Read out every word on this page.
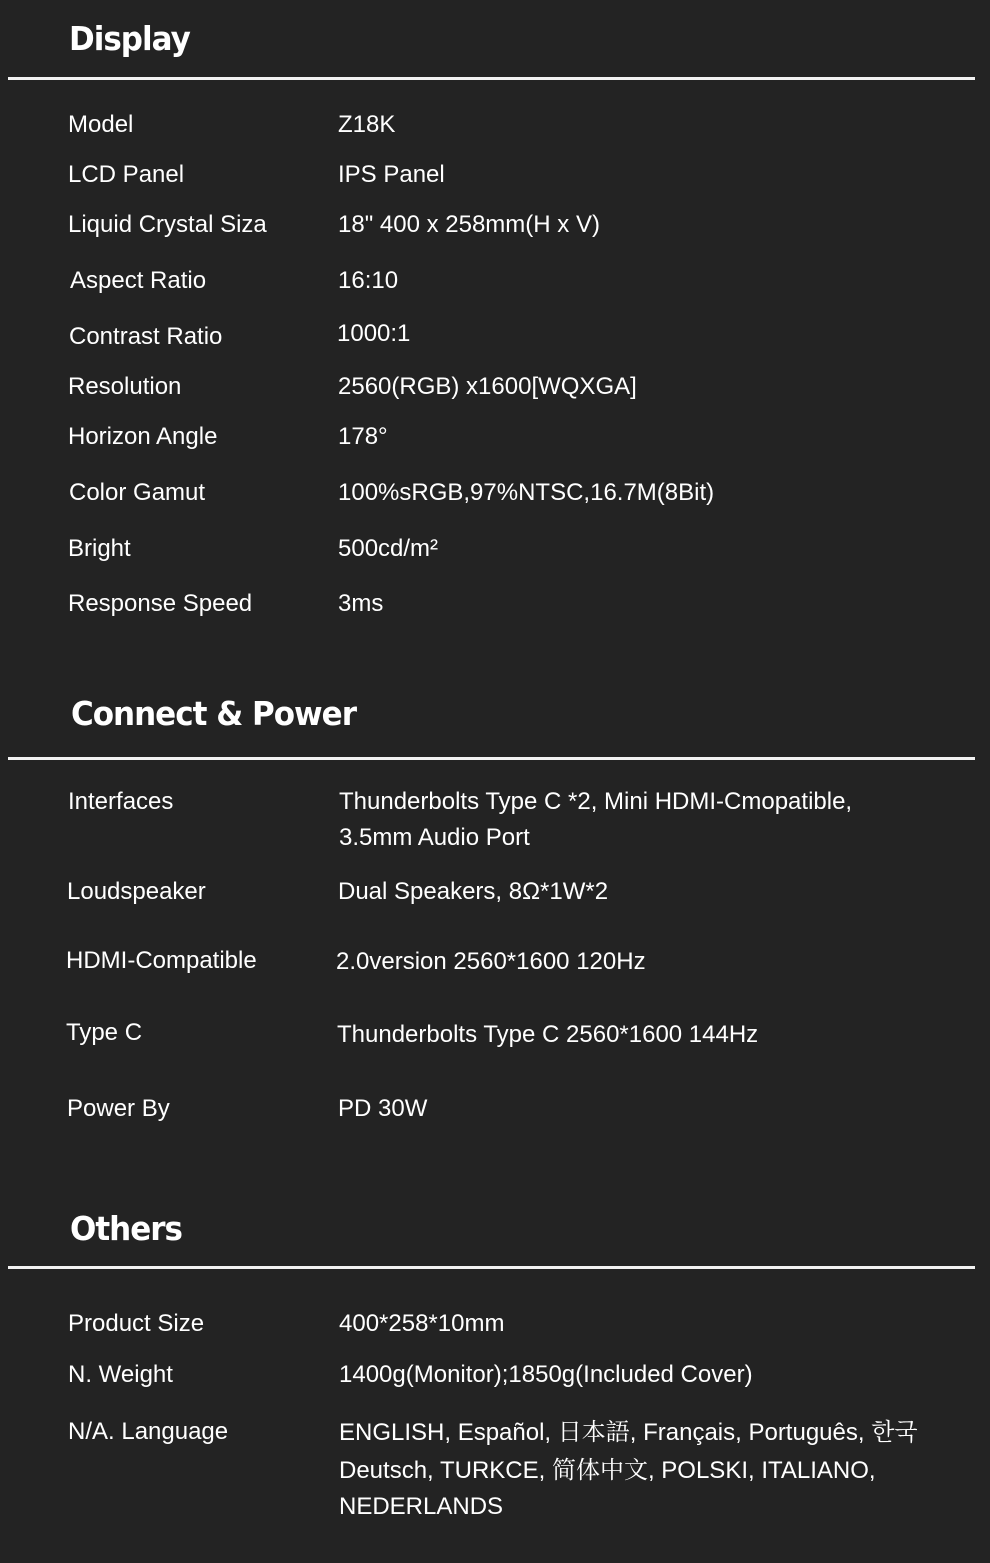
Display
Model	Z18K
LCD Panel	IPS Panel
Liquid Crystal Siza	18" 400 x 258mm(H x V)
Aspect Ratio	16:10
Contrast Ratio	1000:1
Resolution	2560(RGB) x1600[WQXGA]
Horizon Angle	178°
Color Gamut	100%sRGB,97%NTSC,16.7M(8Bit)
Bright	500cd/m²
Response Speed	3ms
Connect & Power
Interfaces	Thunderbolts Type C *2, Mini HDMI-Cmopatible,
3.5mm Audio Port
Loudspeaker	Dual Speakers, 8Ω*1W*2
HDMI-Compatible	2.0version 2560*1600 120Hz
Type C	Thunderbolts Type C 2560*1600 144Hz
Power By	PD 30W
Others
Product Size	400*258*10mm
N. Weight	1400g(Monitor);1850g(Included Cover)
N/A. Language	ENGLISH, Español, 日本語, Français, Português, 한국
Deutsch, TURKCE, 简体中文, POLSKI, ITALIANO,
NEDERLANDS
